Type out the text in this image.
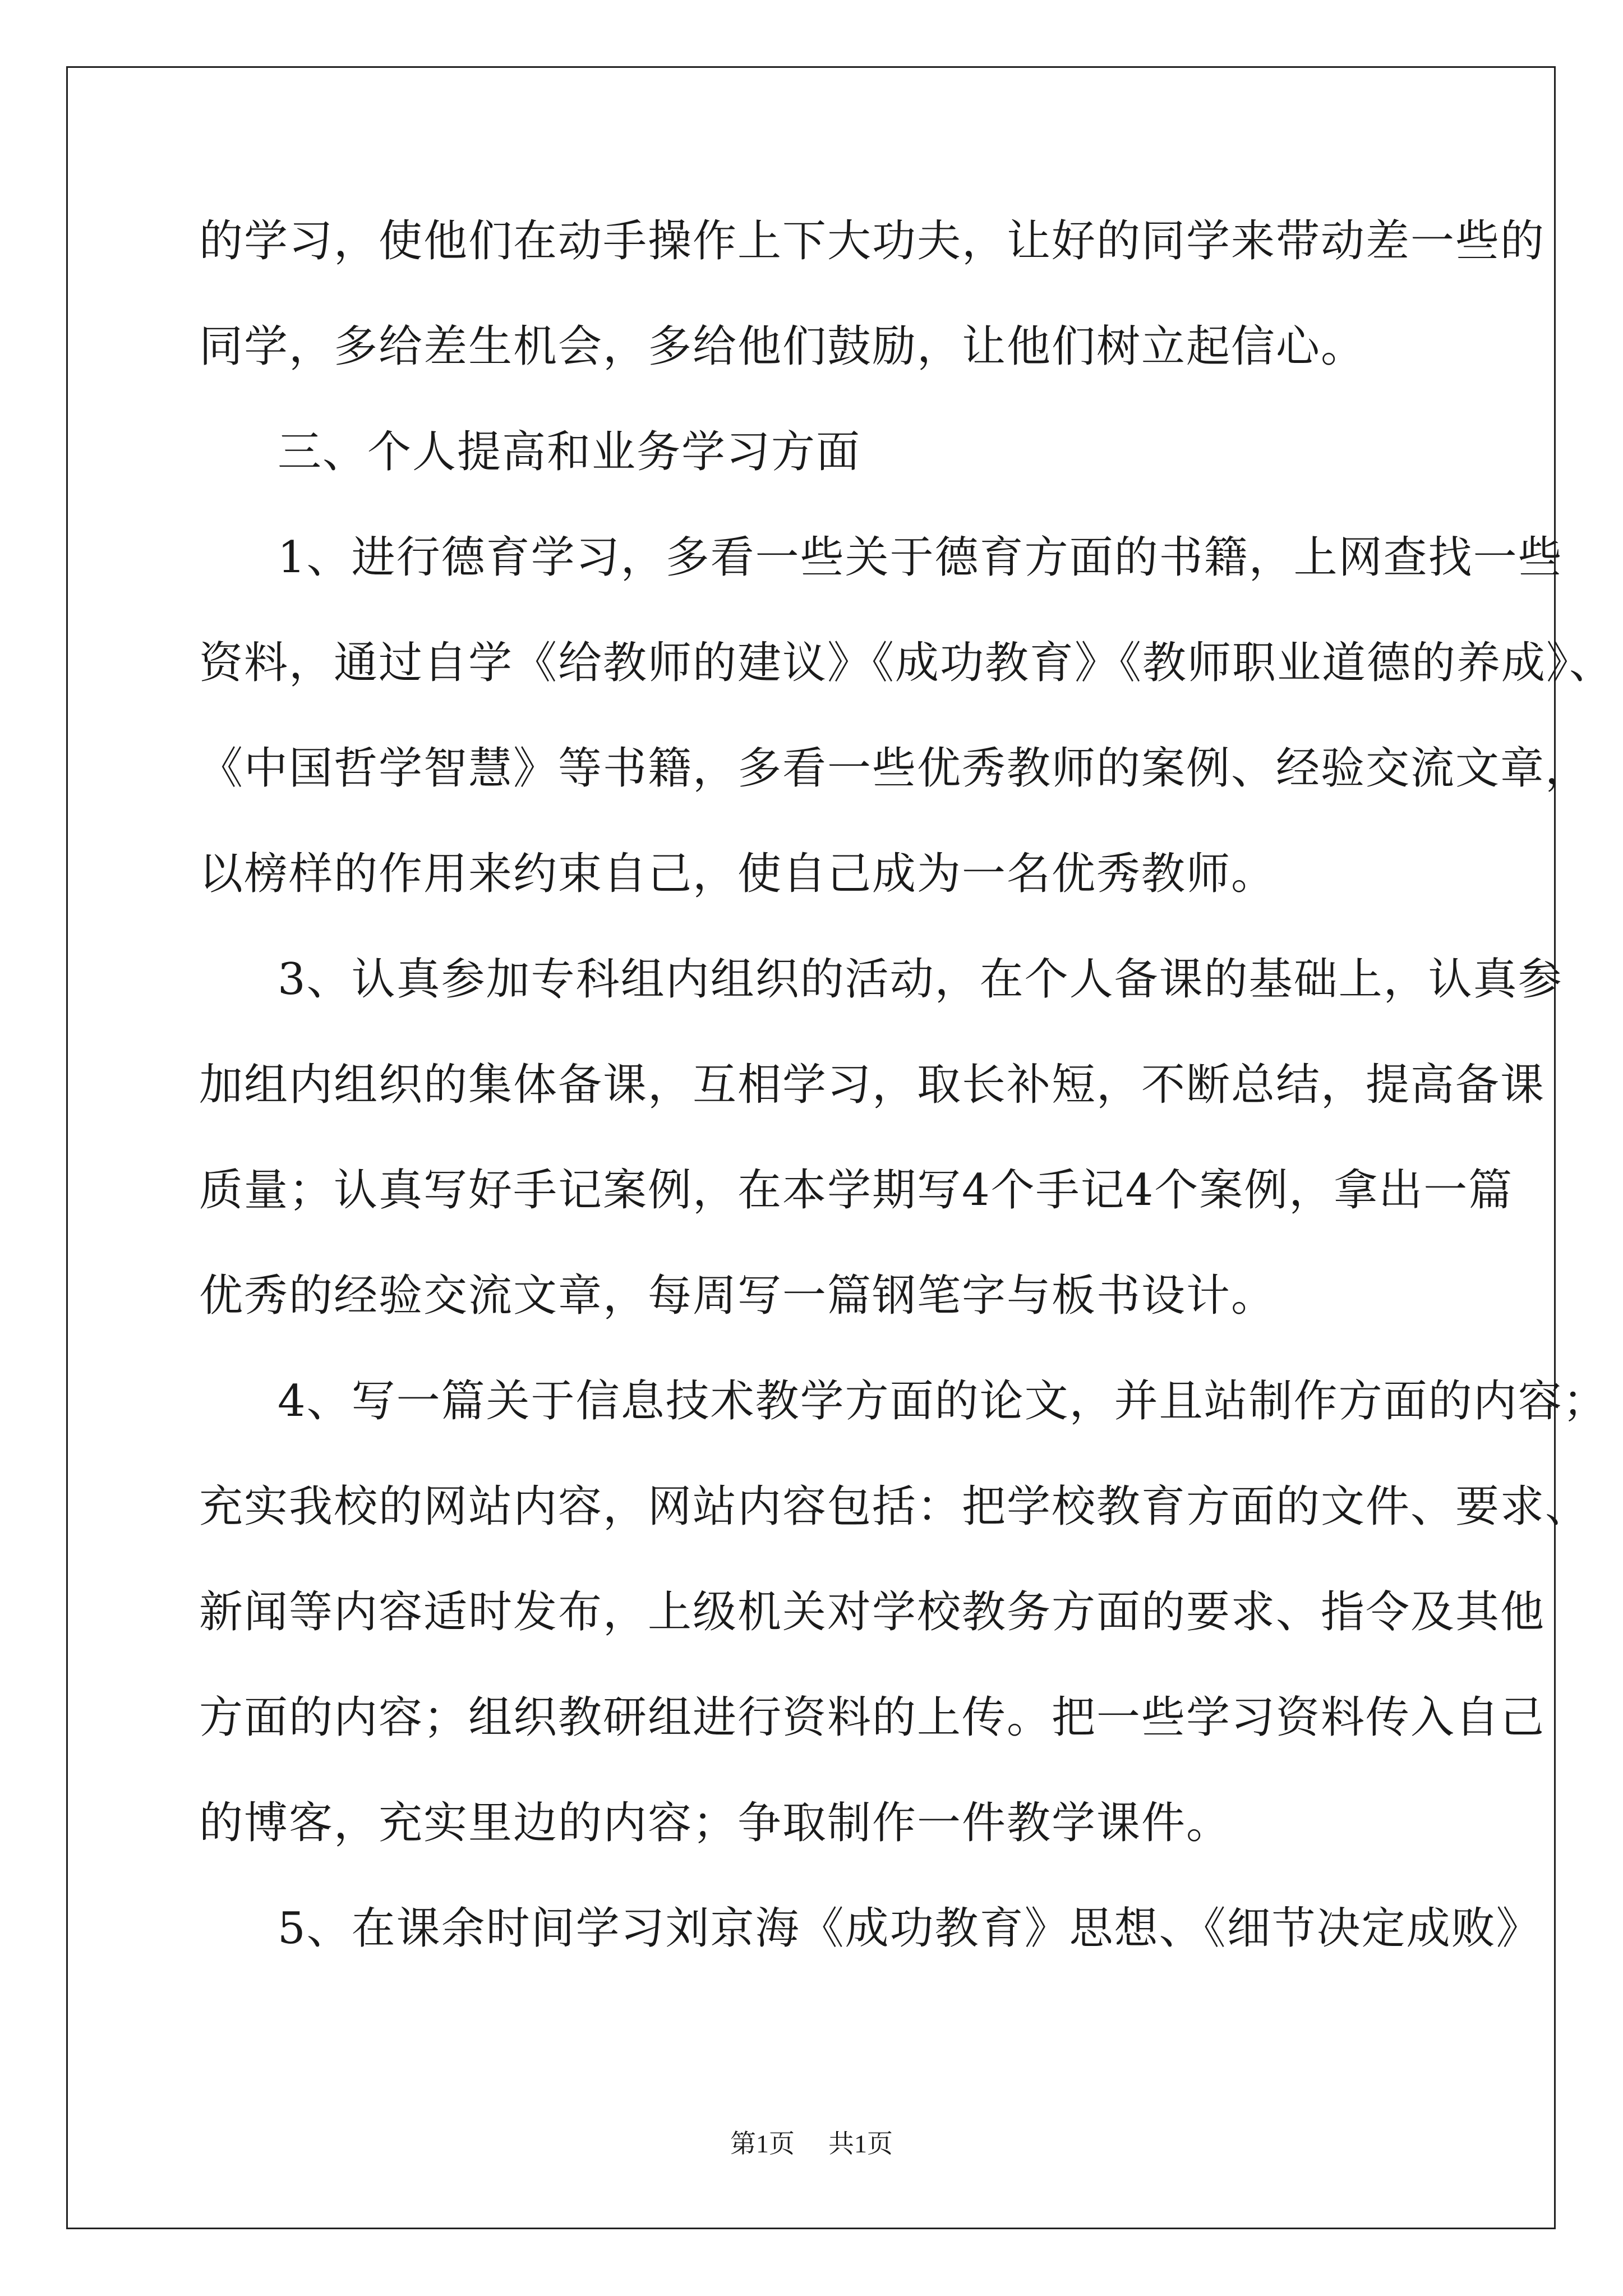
的学习，使他们在动手操作上下大功夫，让好的同学来带动差一些的
同学，多给差生机会，多给他们鼓励，让他们树立起信心。
三、个人提高和业务学习方面
1、进行德育学习，多看一些关于德育方面的书籍，上网查找一些
资料，通过自学《给教师的建议》《成功教育》《教师职业道德的养成》、
《中国哲学智慧》等书籍，多看一些优秀教师的案例、经验交流文章，
以榜样的作用来约束自己，使自己成为一名优秀教师。
3、认真参加专科组内组织的活动，在个人备课的基础上，认真参
加组内组织的集体备课，互相学习，取长补短，不断总结，提高备课
质量；认真写好手记案例，在本学期写4个手记4个案例，拿出一篇
优秀的经验交流文章，每周写一篇钢笔字与板书设计。
4、写一篇关于信息技术教学方面的论文，并且站制作方面的内容；
充实我校的网站内容，网站内容包括：把学校教育方面的文件、要求、
新闻等内容适时发布，上级机关对学校教务方面的要求、指令及其他
方面的内容；组织教研组进行资料的上传。把一些学习资料传入自己
的博客，充实里边的内容；争取制作一件教学课件。
5、在课余时间学习刘京海《成功教育》思想、《细节决定成败》
第1页 共1页
